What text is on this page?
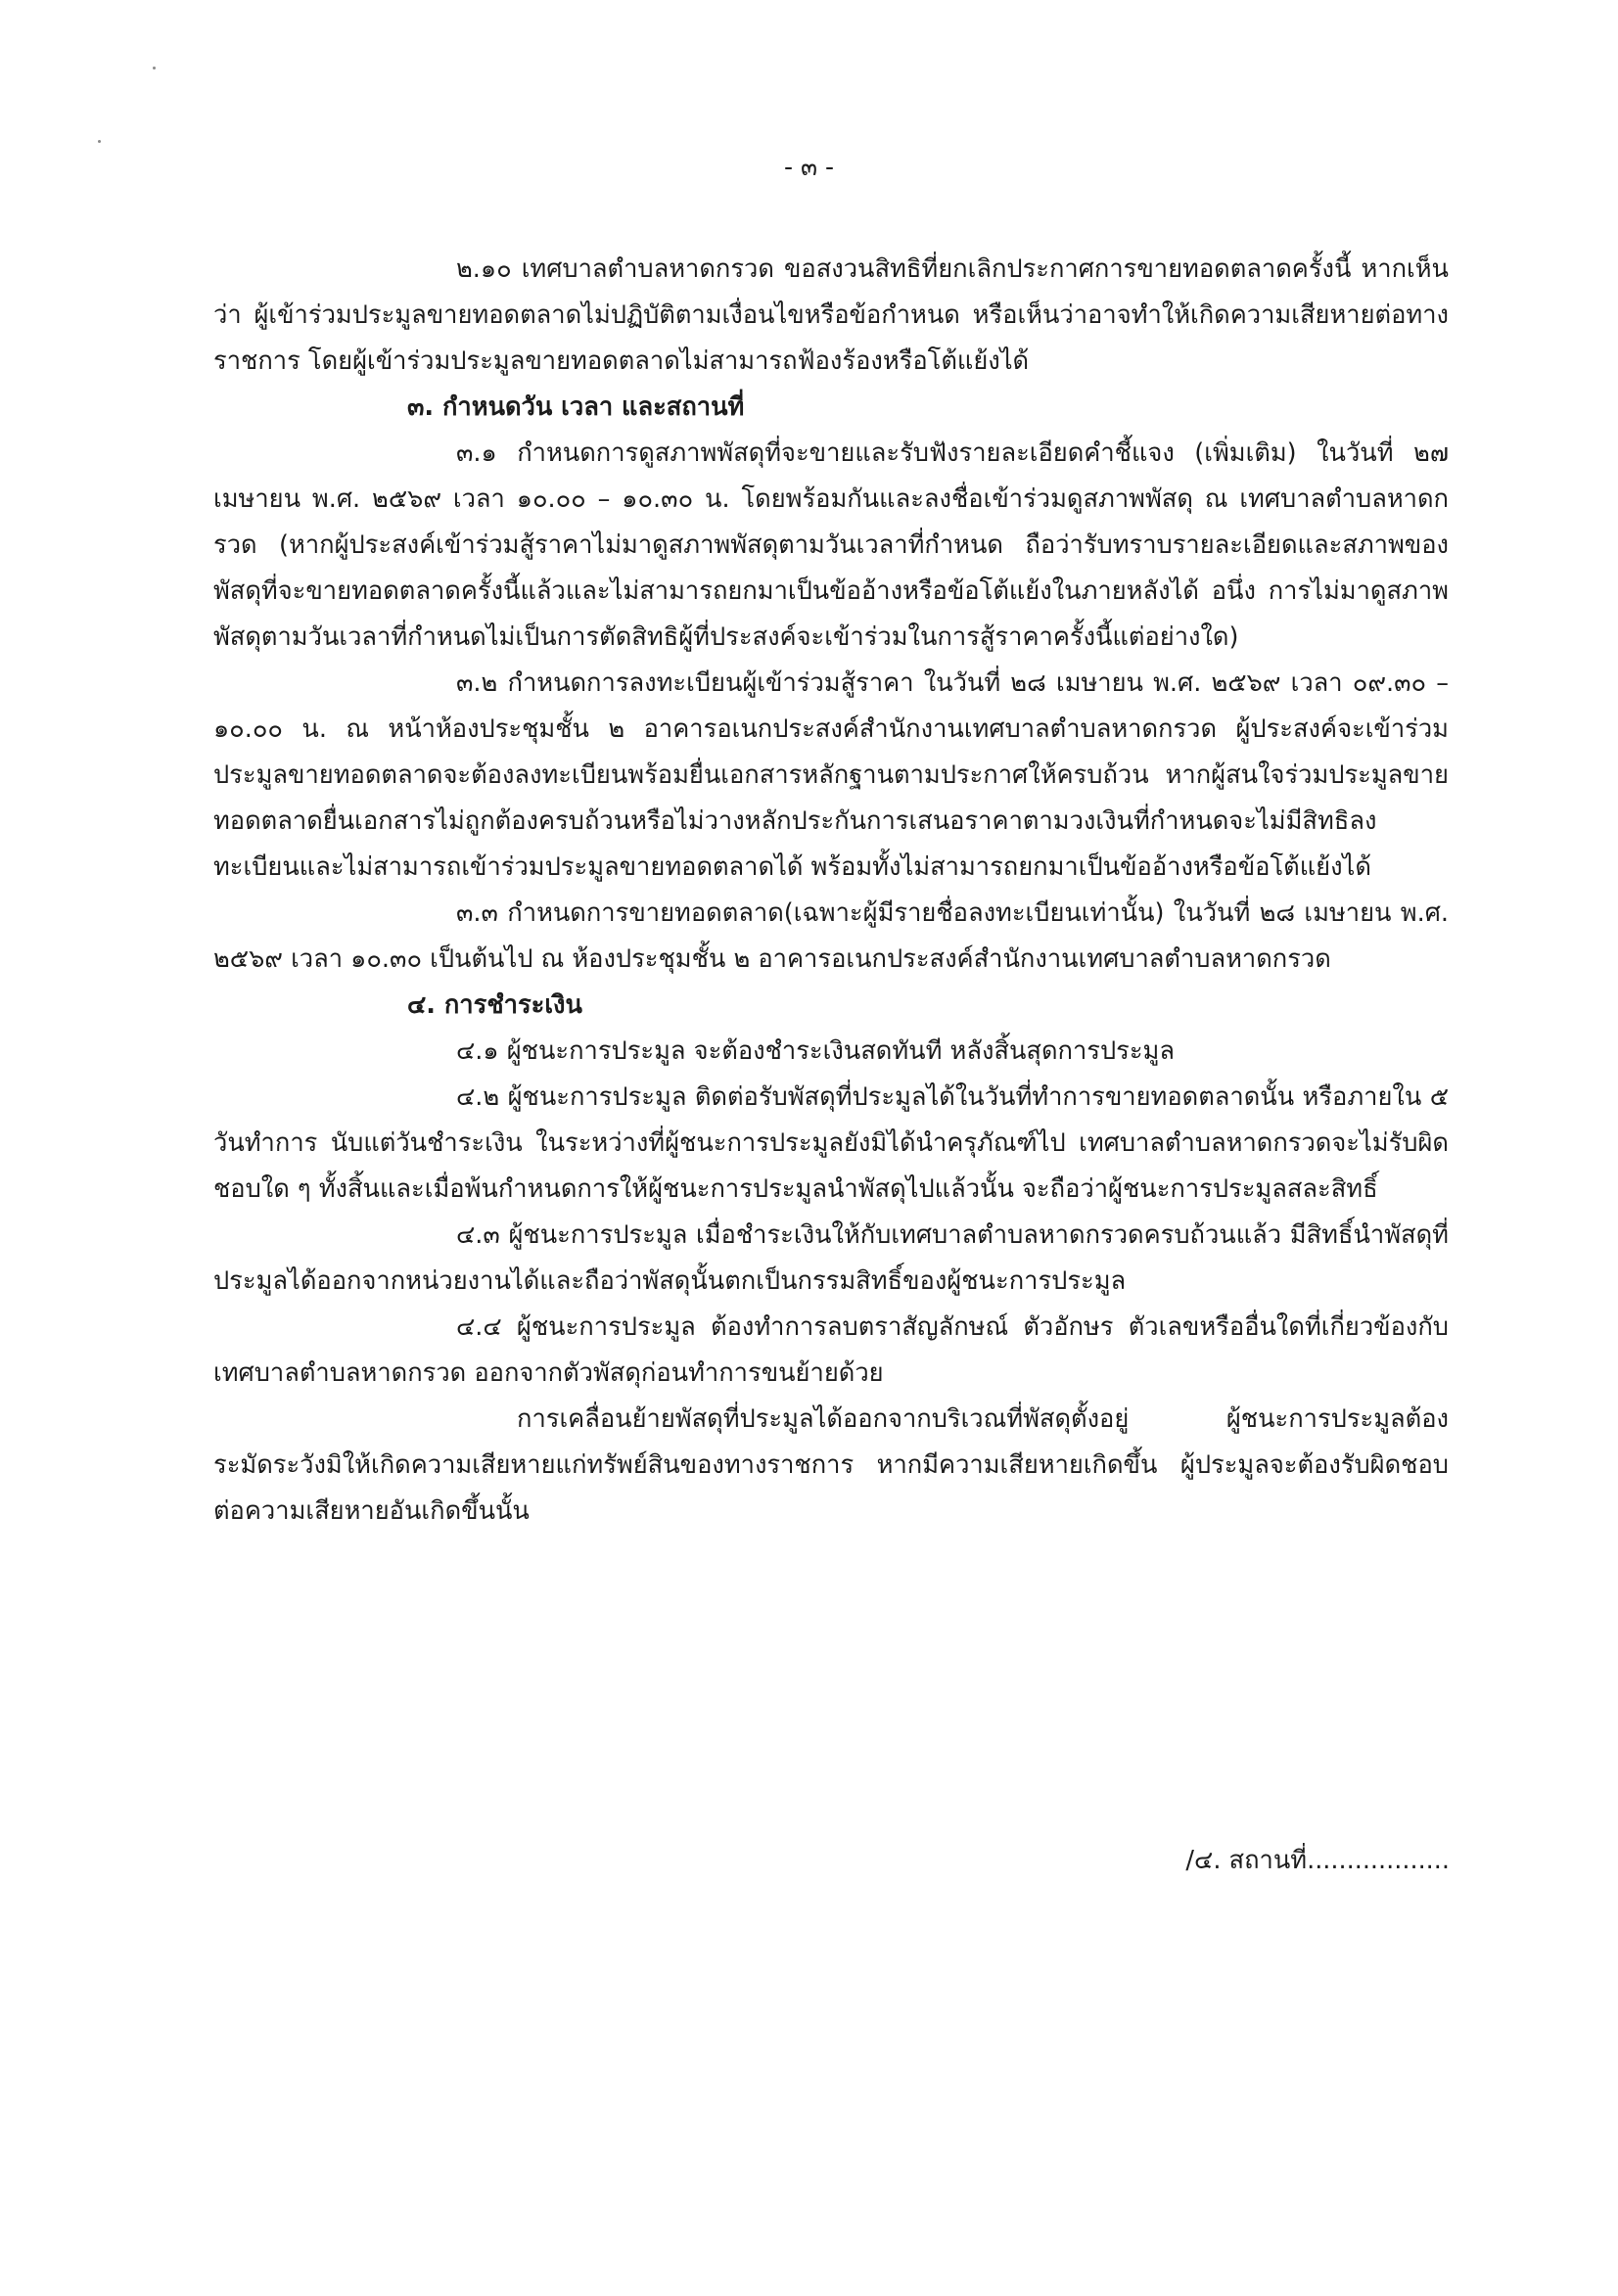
- ๓ -
๒.๑๐ เทศบาลตำบลหาดกรวด ขอสงวนสิทธิที่ยกเลิกประกาศการขายทอดตลาดครั้งนี้ หากเห็นว่า ผู้เข้าร่วมประมูลขายทอดตลาดไม่ปฏิบัติตามเงื่อนไขหรือข้อกำหนด หรือเห็นว่าอาจทำให้เกิดความเสียหายต่อทางราชการ โดยผู้เข้าร่วมประมูลขายทอดตลาดไม่สามารถฟ้องร้องหรือโต้แย้งได้
๓. กำหนดวัน เวลา และสถานที่
๓.๑ กำหนดการดูสภาพพัสดุที่จะขายและรับฟังรายละเอียดคำชี้แจง (เพิ่มเติม) ในวันที่ ๒๗ เมษายน พ.ศ. ๒๕๖๙ เวลา ๑๐.๐๐ – ๑๐.๓๐ น. โดยพร้อมกันและลงชื่อเข้าร่วมดูสภาพพัสดุ ณ เทศบาลตำบลหาดกรวด (หากผู้ประสงค์เข้าร่วมสู้ราคาไม่มาดูสภาพพัสดุตามวันเวลาที่กำหนด ถือว่ารับทราบรายละเอียดและสภาพของพัสดุที่จะขายทอดตลาดครั้งนี้แล้วและไม่สามารถยกมาเป็นข้ออ้างหรือข้อโต้แย้งในภายหลังได้ อนึ่ง การไม่มาดูสภาพพัสดุตามวันเวลาที่กำหนดไม่เป็นการตัดสิทธิผู้ที่ประสงค์จะเข้าร่วมในการสู้ราคาครั้งนี้แต่อย่างใด)
๓.๒ กำหนดการลงทะเบียนผู้เข้าร่วมสู้ราคา ในวันที่ ๒๘ เมษายน พ.ศ. ๒๕๖๙ เวลา ๐๙.๓๐ – ๑๐.๐๐ น. ณ หน้าห้องประชุมชั้น ๒ อาคารอเนกประสงค์สำนักงานเทศบาลตำบลหาดกรวด ผู้ประสงค์จะเข้าร่วมประมูลขายทอดตลาดจะต้องลงทะเบียนพร้อมยื่นเอกสารหลักฐานตามประกาศให้ครบถ้วน หากผู้สนใจร่วมประมูลขายทอดตลาดยื่นเอกสารไม่ถูกต้องครบถ้วนหรือไม่วางหลักประกันการเสนอราคาตามวงเงินที่กำหนดจะไม่มีสิทธิลงทะเบียนและไม่สามารถเข้าร่วมประมูลขายทอดตลาดได้ พร้อมทั้งไม่สามารถยกมาเป็นข้ออ้างหรือข้อโต้แย้งได้
๓.๓ กำหนดการขายทอดตลาด(เฉพาะผู้มีรายชื่อลงทะเบียนเท่านั้น) ในวันที่ ๒๘ เมษายน พ.ศ. ๒๕๖๙ เวลา ๑๐.๓๐ เป็นต้นไป ณ ห้องประชุมชั้น ๒ อาคารอเนกประสงค์สำนักงานเทศบาลตำบลหาดกรวด
๔. การชำระเงิน
๔.๑ ผู้ชนะการประมูล จะต้องชำระเงินสดทันที หลังสิ้นสุดการประมูล
๔.๒ ผู้ชนะการประมูล ติดต่อรับพัสดุที่ประมูลได้ในวันที่ทำการขายทอดตลาดนั้น หรือภายใน ๕ วันทำการ นับแต่วันชำระเงิน ในระหว่างที่ผู้ชนะการประมูลยังมิได้นำครุภัณฑ์ไป เทศบาลตำบลหาดกรวดจะไม่รับผิดชอบใด ๆ ทั้งสิ้นและเมื่อพ้นกำหนดการให้ผู้ชนะการประมูลนำพัสดุไปแล้วนั้น จะถือว่าผู้ชนะการประมูลสละสิทธิ์
๔.๓ ผู้ชนะการประมูล เมื่อชำระเงินให้กับเทศบาลตำบลหาดกรวดครบถ้วนแล้ว มีสิทธิ์นำพัสดุที่ประมูลได้ออกจากหน่วยงานได้และถือว่าพัสดุนั้นตกเป็นกรรมสิทธิ์ของผู้ชนะการประมูล
๔.๔ ผู้ชนะการประมูล ต้องทำการลบตราสัญลักษณ์ ตัวอักษร ตัวเลขหรืออื่นใดที่เกี่ยวข้องกับเทศบาลตำบลหาดกรวด ออกจากตัวพัสดุก่อนทำการขนย้ายด้วย
การเคลื่อนย้ายพัสดุที่ประมูลได้ออกจากบริเวณที่พัสดุตั้งอยู่ ผู้ชนะการประมูลต้องระมัดระวังมิให้เกิดความเสียหายแก่ทรัพย์สินของทางราชการ หากมีความเสียหายเกิดขึ้น ผู้ประมูลจะต้องรับผิดชอบต่อความเสียหายอันเกิดขึ้นนั้น
/๔. สถานที่..................
